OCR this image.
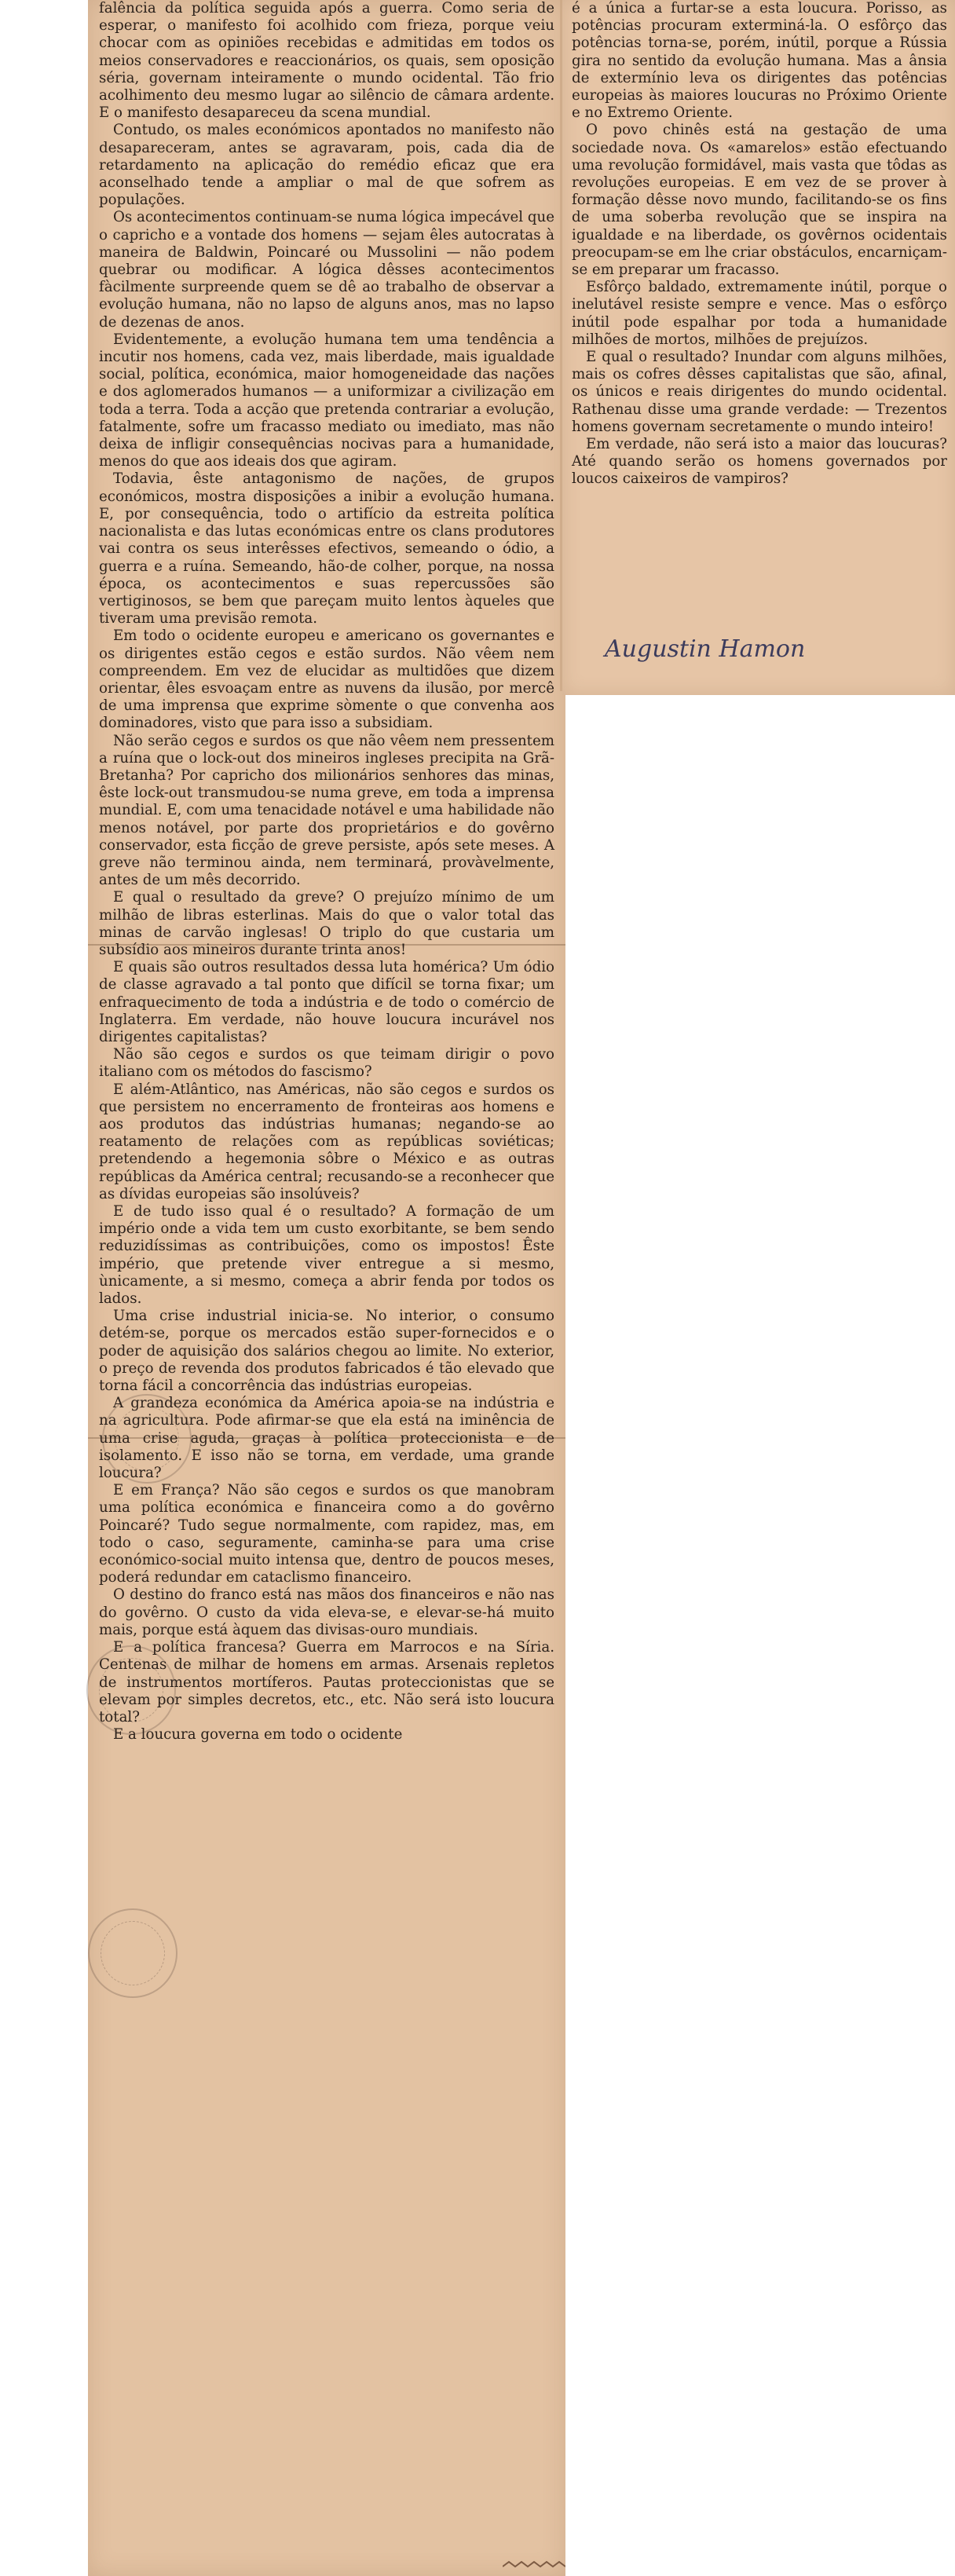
falência da política seguida após a guerra. Como seria de esperar, o manifesto foi acolhido com frieza, porque veiu chocar com as opiniões recebidas e admitidas em todos os meios conservadores e reaccionários, os quais, sem oposição séria, governam inteiramente o mundo ocidental. Tão frio acolhimento deu mesmo lugar ao silêncio de câmara ardente. E o manifesto desapareceu da scena mundial.

Contudo, os males económicos apontados no manifesto não desapareceram, antes se agravaram, pois, cada dia de retardamento na aplicação do remédio eficaz que era aconselhado tende a ampliar o mal de que sofrem as populações.

Os acontecimentos continuam-se numa lógica impecável que o capricho e a vontade dos homens — sejam êles autocratas à maneira de Baldwin, Poincaré ou Mussolini — não podem quebrar ou modificar. A lógica dêsses acontecimentos fàcilmente surpreende quem se dê ao trabalho de observar a evolução humana, não no lapso de alguns anos, mas no lapso de dezenas de anos.

Evidentemente, a evolução humana tem uma tendência a incutir nos homens, cada vez, mais liberdade, mais igualdade social, política, económica, maior homogeneidade das nações e dos aglomerados humanos — a uniformizar a civilização em toda a terra. Toda a acção que pretenda contrariar a evolução, fatalmente, sofre um fracasso mediato ou imediato, mas não deixa de infligir consequências nocivas para a humanidade, menos do que aos ideais dos que agiram.

Todavia, êste antagonismo de nações, de grupos económicos, mostra disposições a inibir a evolução humana. E, por consequência, todo o artifício da estreita política nacionalista e das lutas económicas entre os clans produtores vai contra os seus interêsses efectivos, semeando o ódio, a guerra e a ruína. Semeando, hão-de colher, porque, na nossa época, os acontecimentos e suas repercussões são vertiginosos, se bem que pareçam muito lentos àqueles que tiveram uma previsão remota.

Em todo o ocidente europeu e americano os governantes e os dirigentes estão cegos e estão surdos. Não vêem nem compreendem. Em vez de elucidar as multidões que dizem orientar, êles esvoaçam entre as nuvens da ilusão, por mercê de uma imprensa que exprime sòmente o que convenha aos dominadores, visto que para isso a subsidiam.

Não serão cegos e surdos os que não vêem nem pressentem a ruína que o lock-out dos mineiros ingleses precipita na Grã-Bretanha? Por capricho dos milionários senhores das minas, êste lock-out transmudou-se numa greve, em toda a imprensa mundial. E, com uma tenacidade notável e uma habilidade não menos notável, por parte dos proprietários e do govêrno conservador, esta ficção de greve persiste, após sete meses. A greve não terminou ainda, nem terminará, provàvelmente, antes de um mês decorrido.

E qual o resultado da greve? O prejuízo mínimo de um milhão de libras esterlinas. Mais do que o valor total das minas de carvão inglesas! O triplo do que custaria um subsídio aos mineiros durante trinta anos!

E quais são outros resultados dessa luta homérica? Um ódio de classe agravado a tal ponto que difícil se torna fixar; um enfraquecimento de toda a indústria e de todo o comércio de Inglaterra. Em verdade, não houve loucura incurável nos dirigentes capitalistas?

Não são cegos e surdos os que teimam dirigir o povo italiano com os métodos do fascismo?

E além-Atlântico, nas Américas, não são cegos e surdos os que persistem no encerramento de fronteiras aos homens e aos produtos das indústrias humanas; negando-se ao reatamento de relações com as repúblicas soviéticas; pretendendo a hegemonia sôbre o México e as outras repúblicas da América central; recusando-se a reconhecer que as dívidas europeias são insolúveis?

E de tudo isso qual é o resultado? A formação de um império onde a vida tem um custo exorbitante, se bem sendo reduzidíssimas as contribuições, como os impostos! Êste império, que pretende viver entregue a si mesmo, ùnicamente, a si mesmo, começa a abrir fenda por todos os lados.

Uma crise industrial inicia-se. No interior, o consumo detém-se, porque os mercados estão super-fornecidos e o poder de aquisição dos salários chegou ao limite. No exterior, o preço de revenda dos produtos fabricados é tão elevado que torna fácil a concorrência das indústrias europeias.

A grandeza económica da América apoia-se na indústria e na agricultura. Pode afirmar-se que ela está na iminência de uma crise aguda, graças à política proteccionista e de isolamento. E isso não se torna, em verdade, uma grande loucura?

E em França? Não são cegos e surdos os que manobram uma política económica e financeira como a do govêrno Poincaré? Tudo segue normalmente, com rapidez, mas, em todo o caso, seguramente, caminha-se para uma crise económico-social muito intensa que, dentro de poucos meses, poderá redundar em cataclismo financeiro.

O destino do franco está nas mãos dos financeiros e não nas do govêrno. O custo da vida eleva-se, e elevar-se-há muito mais, porque está àquem das divisas-ouro mundiais.

E a política francesa? Guerra em Marrocos e na Síria. Centenas de milhar de homens em armas. Arsenais repletos de instrumentos mortíferos. Pautas proteccionistas que se elevam por simples decretos, etc., etc. Não será isto loucura total?

E a loucura governa em todo o ocidente

é a única a furtar-se a esta loucura. Porisso, as potências procuram exterminá-la. O esfôrço das potências torna-se, porém, inútil, porque a Rússia gira no sentido da evolução humana. Mas a ânsia de extermínio leva os dirigentes das potências europeias às maiores loucuras no Próximo Oriente e no Extremo Oriente.

O povo chinês está na gestação de uma sociedade nova. Os «amarelos» estão efectuando uma revolução formidável, mais vasta que tôdas as revoluções europeias. E em vez de se prover à formação dêsse novo mundo, facilitando-se os fins de uma soberba revolução que se inspira na igualdade e na liberdade, os govêrnos ocidentais preocupam-se em lhe criar obstáculos, encarniçam-se em preparar um fracasso.

Esfôrço baldado, extremamente inútil, porque o inelutável resiste sempre e vence. Mas o esfôrço inútil pode espalhar por toda a humanidade milhões de mortos, milhões de prejuízos.

E qual o resultado? Inundar com alguns milhões, mais os cofres dêsses capitalistas que são, afinal, os únicos e reais dirigentes do mundo ocidental. Rathenau disse uma grande verdade: — Trezentos homens governam secretamente o mundo inteiro!

Em verdade, não será isto a maior das loucuras? Até quando serão os homens governados por loucos caixeiros de vampiros?

Augustin Hamon
